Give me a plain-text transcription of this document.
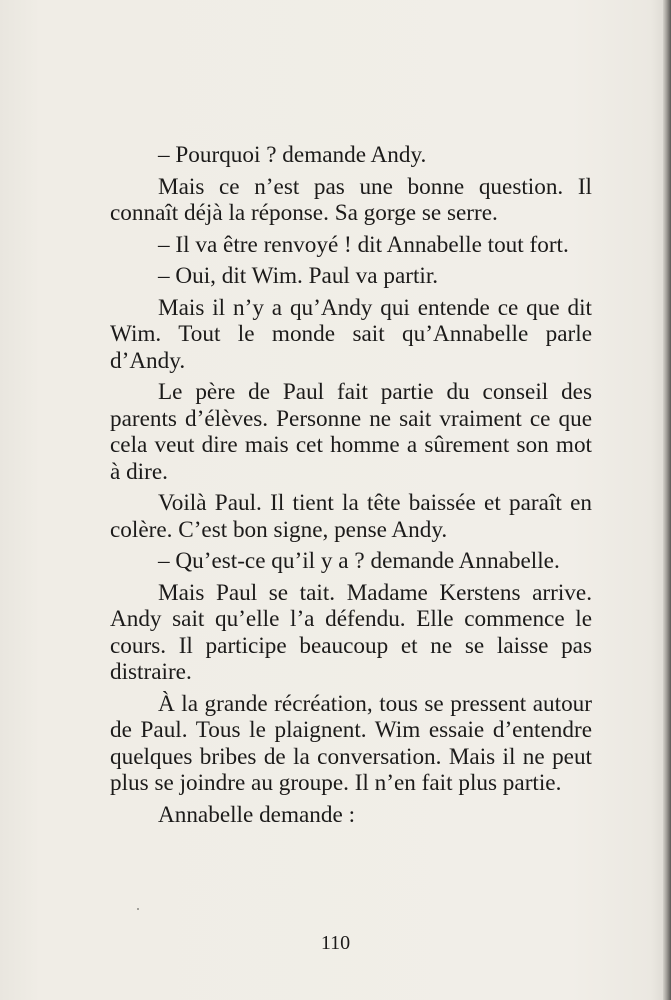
– Pourquoi ? demande Andy.

Mais ce n’est pas une bonne question. Il connaît déjà la réponse. Sa gorge se serre.

– Il va être renvoyé ! dit Annabelle tout fort.

– Oui, dit Wim. Paul va partir.

Mais il n’y a qu’Andy qui entende ce que dit Wim. Tout le monde sait qu’Annabelle parle d’Andy.

Le père de Paul fait partie du conseil des parents d’élèves. Personne ne sait vraiment ce que cela veut dire mais cet homme a sûrement son mot à dire.

Voilà Paul. Il tient la tête baissée et paraît en colère. C’est bon signe, pense Andy.

– Qu’est-ce qu’il y a ? demande Annabelle.

Mais Paul se tait. Madame Kerstens arrive. Andy sait qu’elle l’a défendu. Elle commence le cours. Il participe beaucoup et ne se laisse pas distraire.

À la grande récréation, tous se pressent autour de Paul. Tous le plaignent. Wim essaie d’entendre quelques bribes de la conversation. Mais il ne peut plus se joindre au groupe. Il n’en fait plus partie.

Annabelle demande :

110
